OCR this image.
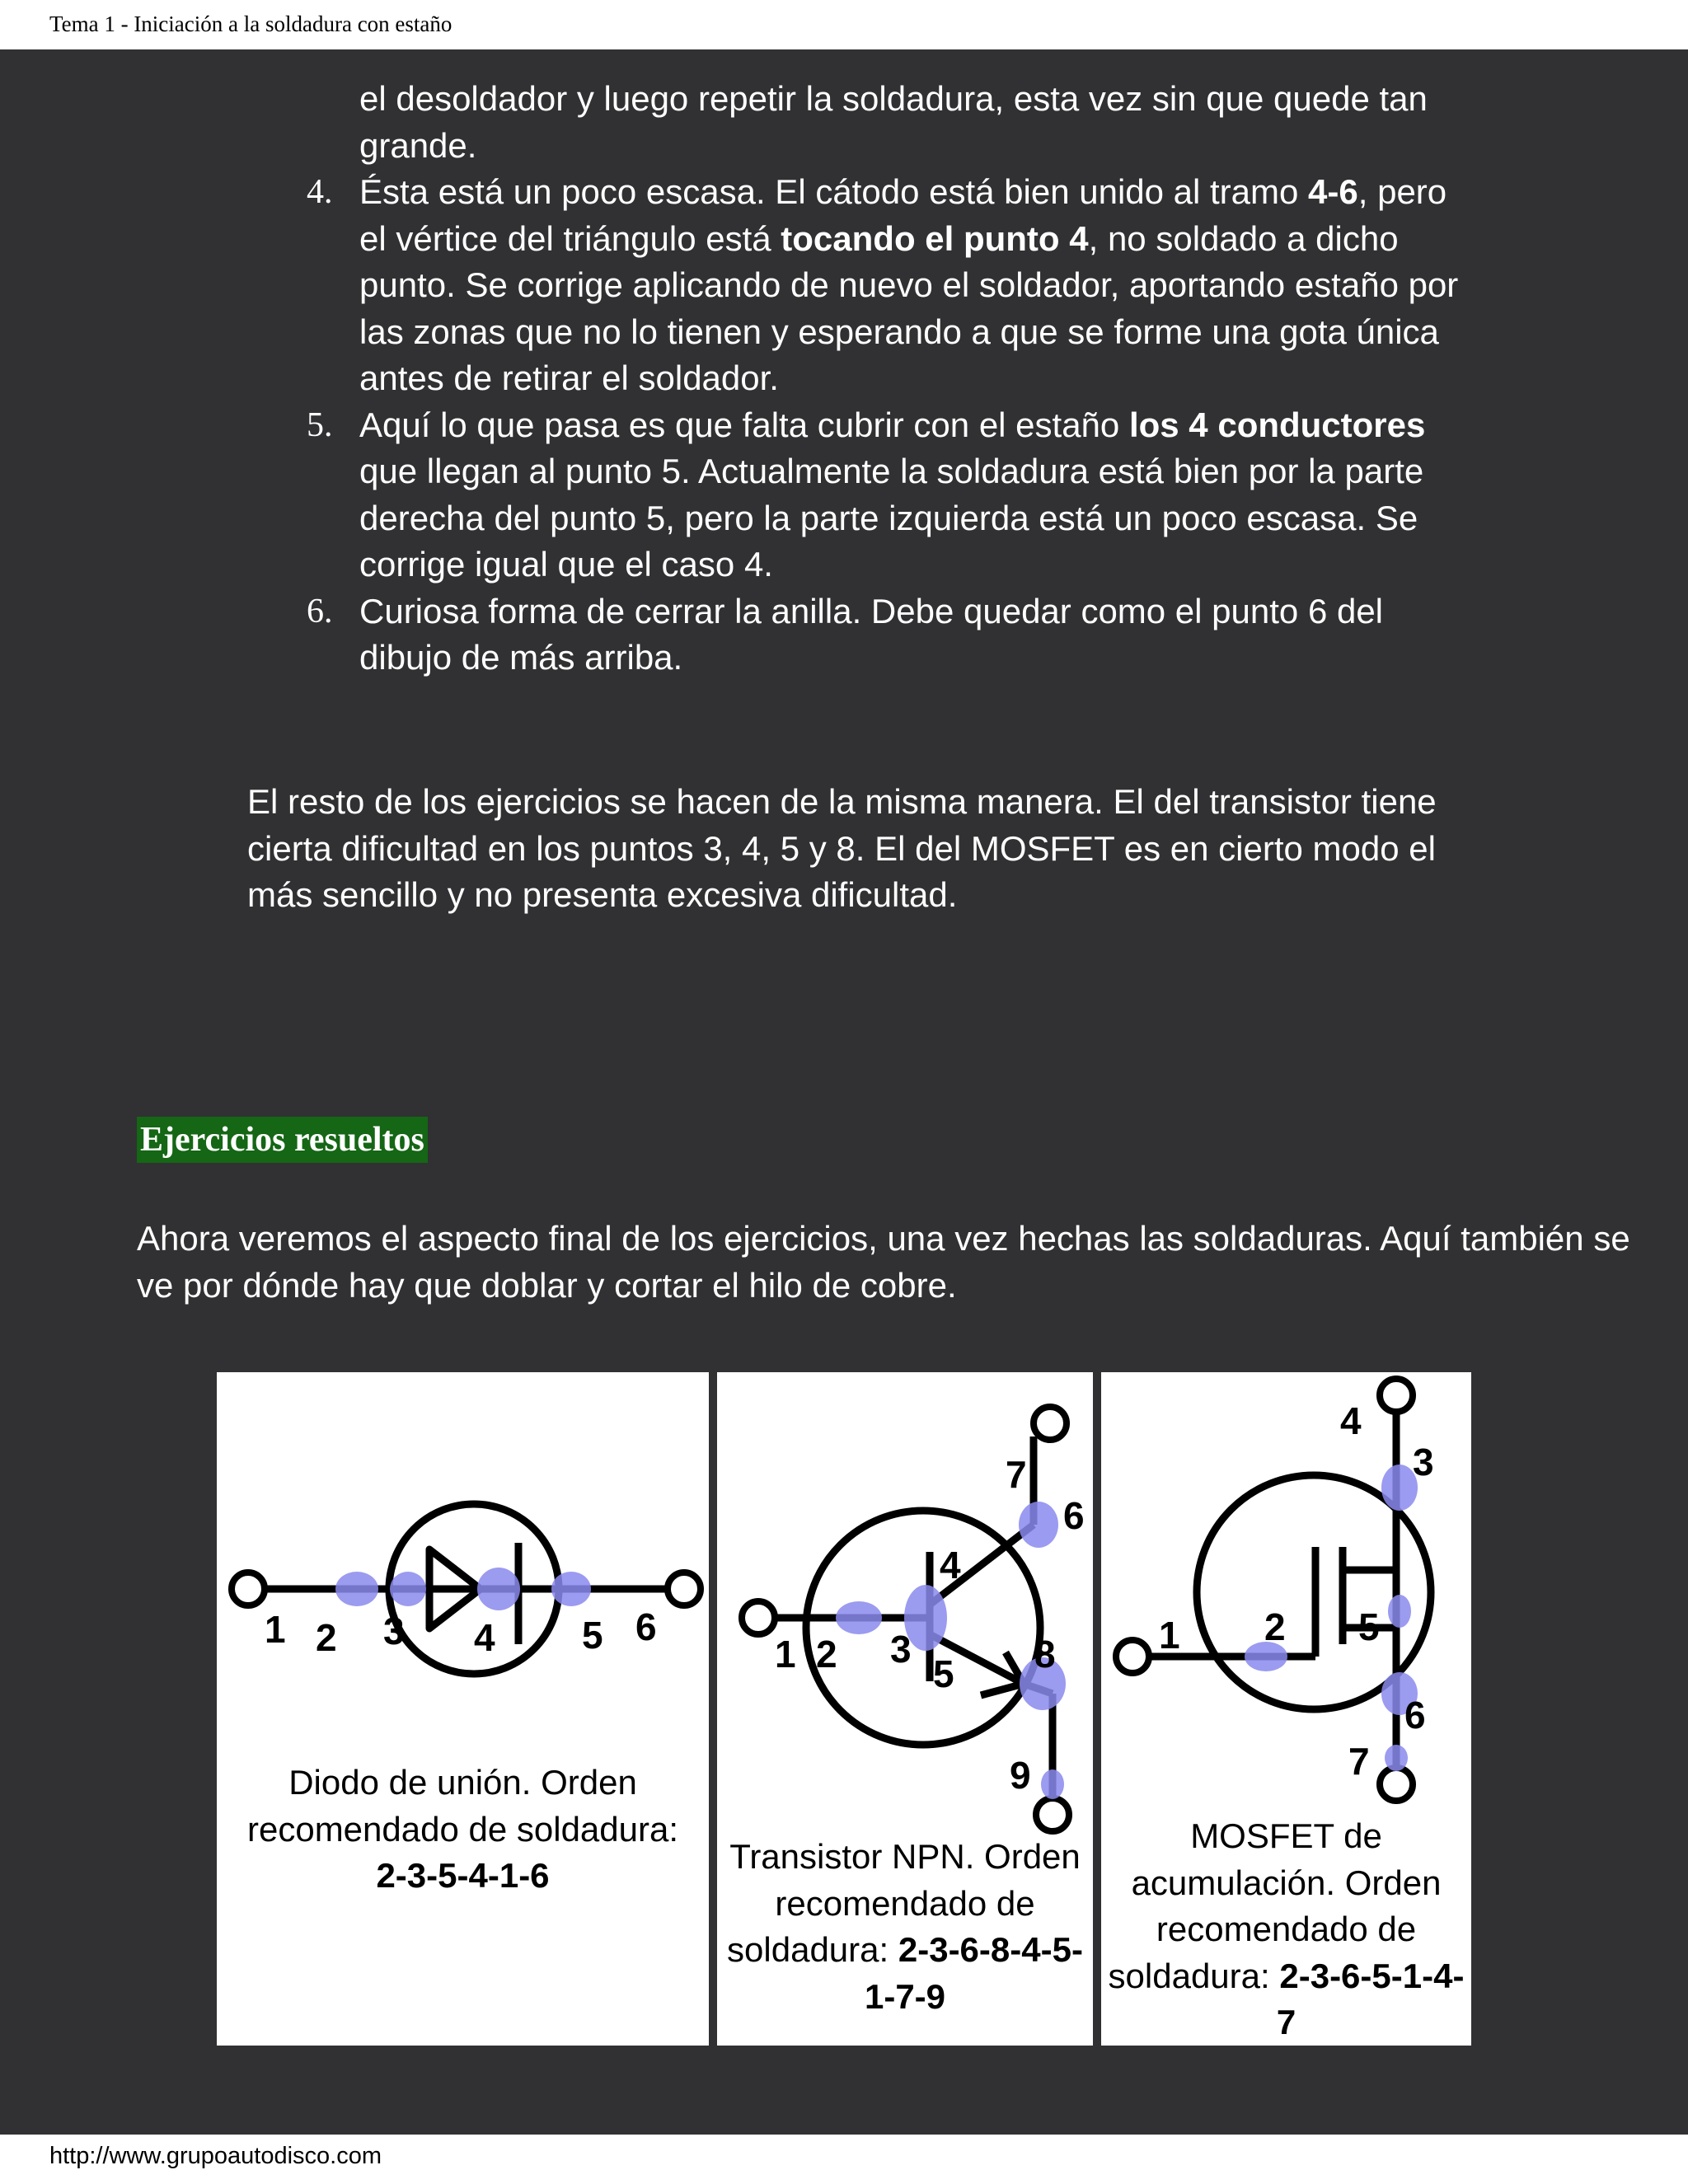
Tema 1 - Iniciación a la soldadura con estaño
el desoldador y luego repetir la soldadura, esta vez sin que quede tan grande.
4. Ésta está un poco escasa. El cátodo está bien unido al tramo 4-6, pero el vértice del triángulo está tocando el punto 4, no soldado a dicho punto. Se corrige aplicando de nuevo el soldador, aportando estaño por las zonas que no lo tienen y esperando a que se forme una gota única antes de retirar el soldador.
5. Aquí lo que pasa es que falta cubrir con el estaño los 4 conductores que llegan al punto 5. Actualmente la soldadura está bien por la parte derecha del punto 5, pero la parte izquierda está un poco escasa. Se corrige igual que el caso 4.
6. Curiosa forma de cerrar la anilla. Debe quedar como el punto 6 del dibujo de más arriba.
El resto de los ejercicios se hacen de la misma manera. El del transistor tiene cierta dificultad en los puntos 3, 4, 5 y 8. El del MOSFET es en cierto modo el más sencillo y no presenta excesiva dificultad.
Ejercicios resueltos
Ahora veremos el aspecto final de los ejercicios, una vez hechas las soldaduras. Aquí también se ve por dónde hay que doblar y cortar el hilo de cobre.
1 2 3 4 5 6
Diodo de unión. Orden recomendado de soldadura:
2-3-5-4-1-6
1 2 3
4
5
6
7
8
9
Transistor NPN. Orden recomendado de soldadura: 2-3-6-8-4-5-1-7-9
1 2
3
4
5
6
7
MOSFET de acumulación. Orden recomendado de soldadura: 2-3-6-5-1-4-7
http://www.grupoautodisco.com
